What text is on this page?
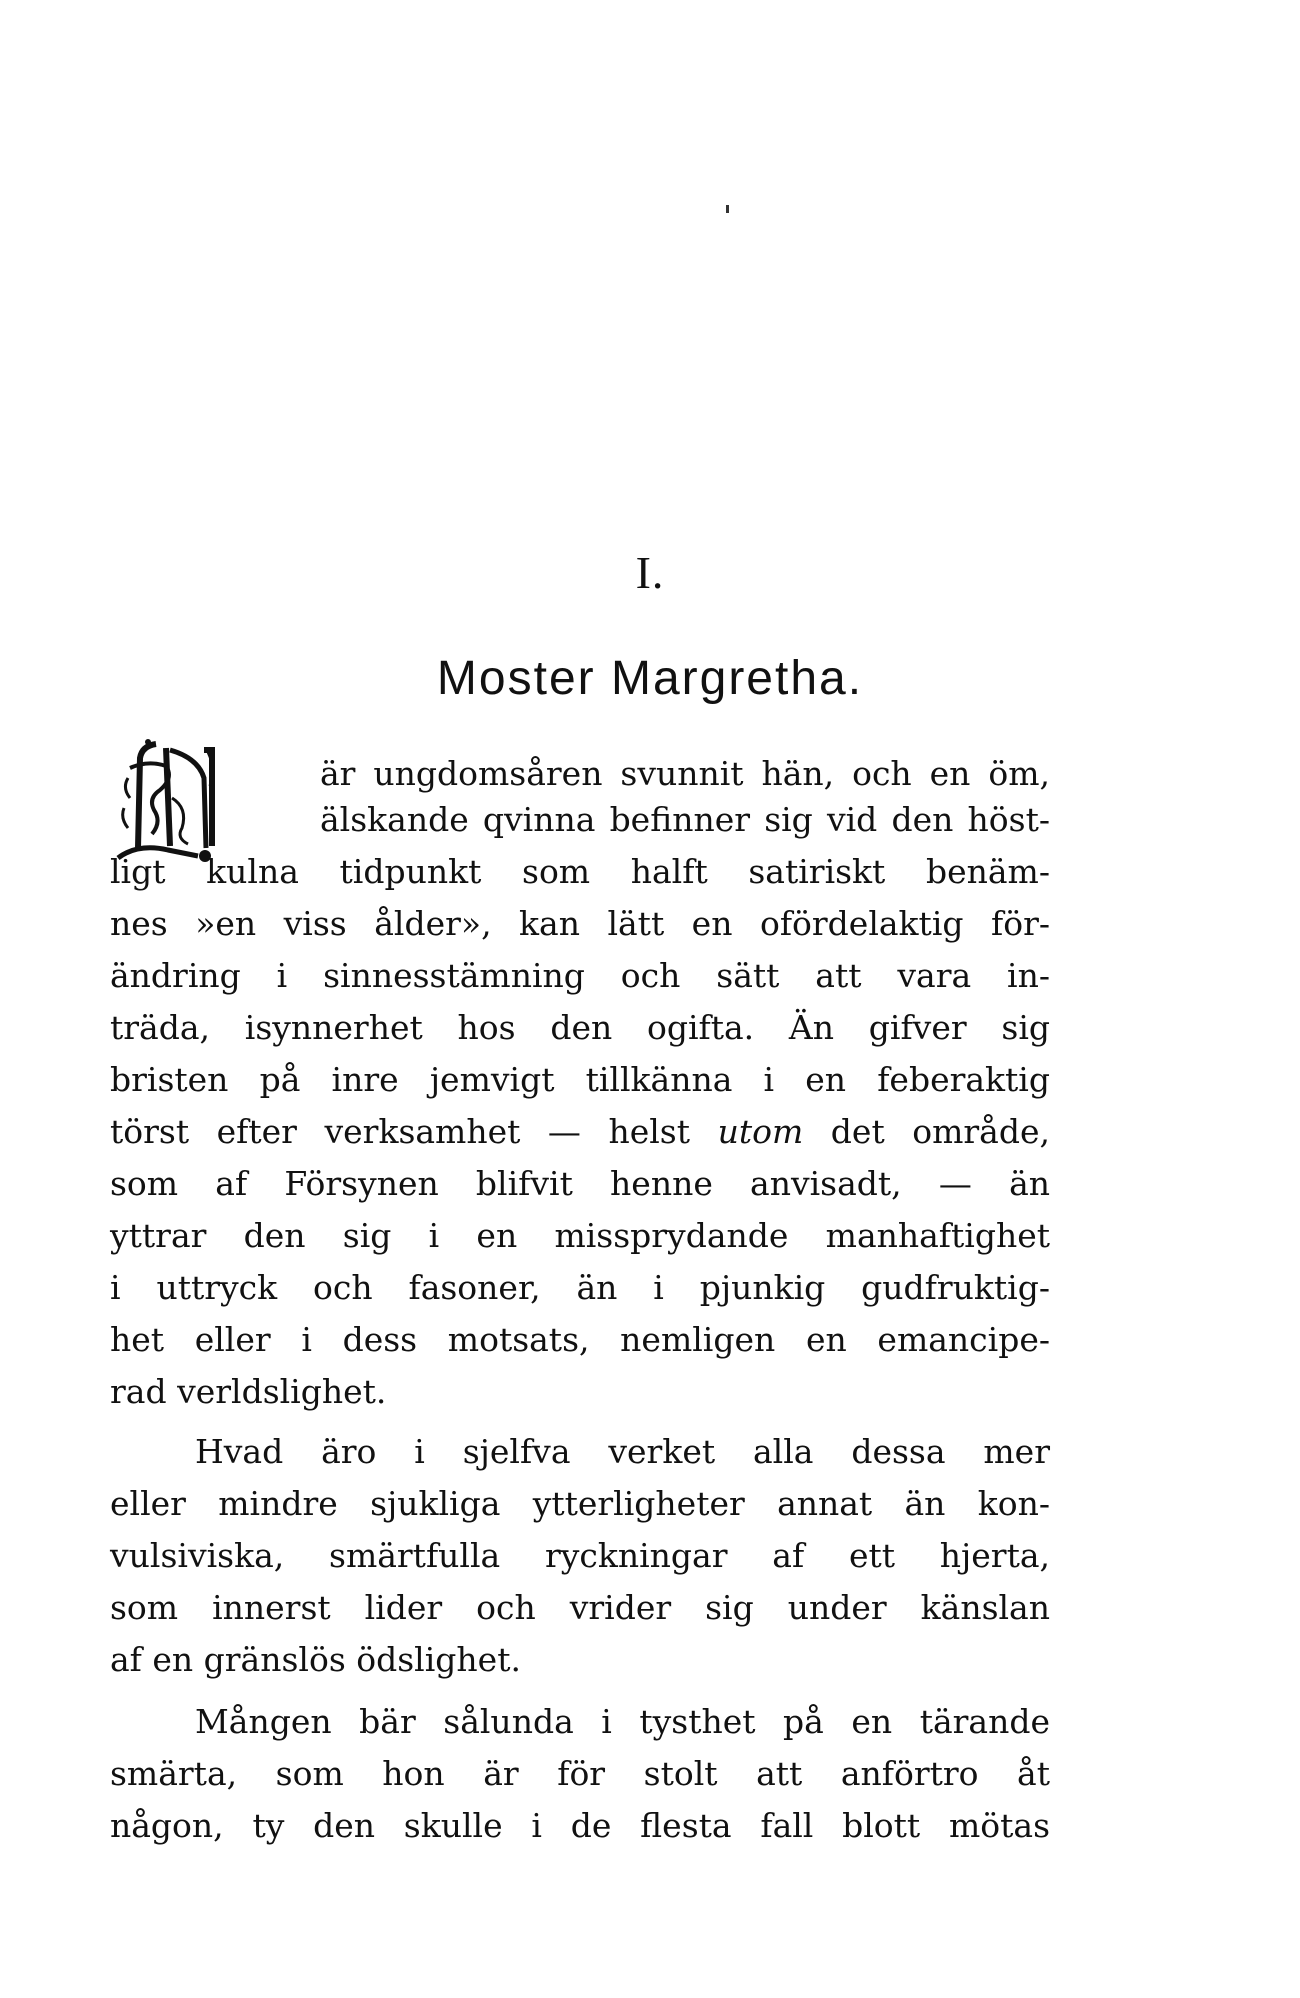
I.
Moster Margretha.
är ungdomsåren svunnit hän, och en öm,
älskande qvinna befinner sig vid den höst-
ligt kulna tidpunkt som halft satiriskt benäm-
nes »en viss ålder», kan lätt en ofördelaktig för-
ändring i sinnesstämning och sätt att vara in-
träda, isynnerhet hos den ogifta. Än gifver sig
bristen på inre jemvigt tillkänna i en feberaktig
törst efter verksamhet — helst utom det område,
som af Försynen blifvit henne anvisadt, — än
yttrar den sig i en missprydande manhaftighet
i uttryck och fasoner, än i pjunkig gudfruktig-
het eller i dess motsats, nemligen en emancipe-
rad verldslighet.
Hvad äro i sjelfva verket alla dessa mer
eller mindre sjukliga ytterligheter annat än kon-
vulsiviska, smärtfulla ryckningar af ett hjerta,
som innerst lider och vrider sig under känslan
af en gränslös ödslighet.
Mången bär sålunda i tysthet på en tärande
smärta, som hon är för stolt att anförtro åt
någon, ty den skulle i de flesta fall blott mötas
